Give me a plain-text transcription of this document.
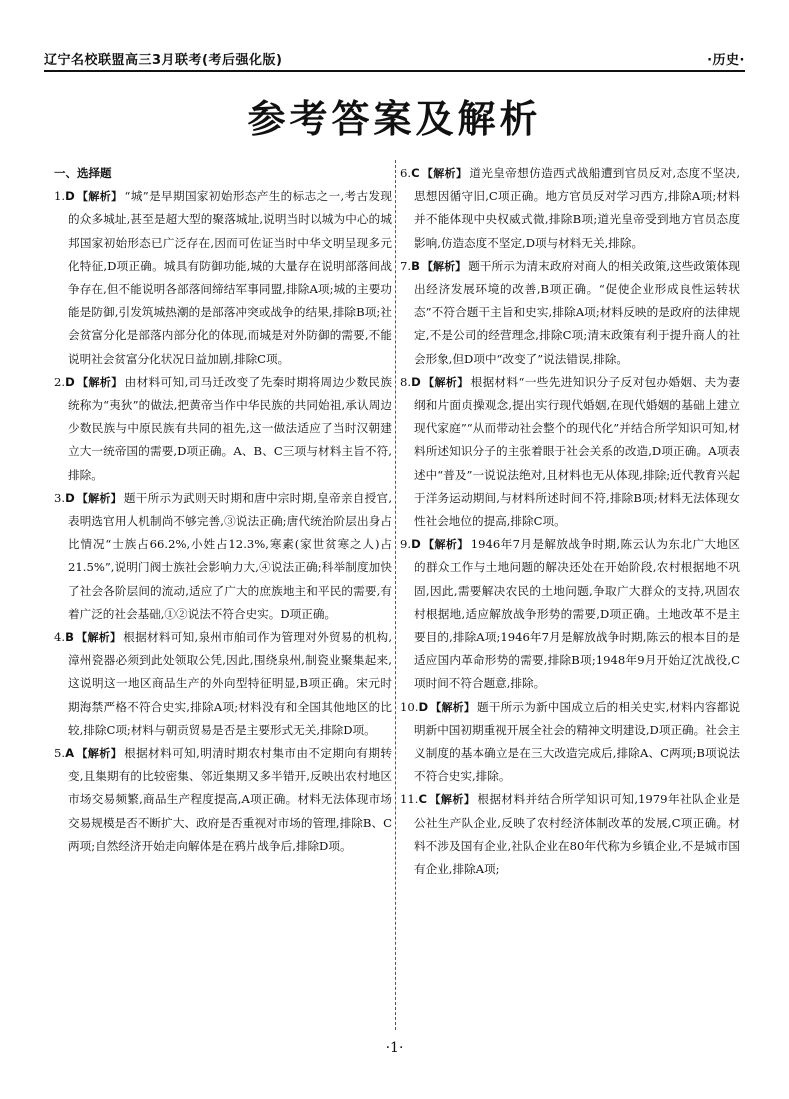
辽宁名校联盟高三3月联考(考后强化版)	·历史·
参考答案及解析
一、选择题
1.D 【解析】 “城”是早期国家初始形态产生的标志之一,考古发现的众多城址,甚至是超大型的聚落城址,说明当时以城为中心的城邦国家初始形态已广泛存在,因而可佐证当时中华文明呈现多元化特征,D项正确。城具有防御功能,城的大量存在说明部落间战争存在,但不能说明各部落间缔结军事同盟,排除A项;城的主要功能是防御,引发筑城热潮的是部落冲突或战争的结果,排除B项;社会贫富分化是部落内部分化的体现,而城是对外防御的需要,不能说明社会贫富分化状况日益加剧,排除C项。
2.D 【解析】 由材料可知,司马迁改变了先秦时期将周边少数民族统称为“夷狄”的做法,把黄帝当作中华民族的共同始祖,承认周边少数民族与中原民族有共同的祖先,这一做法适应了当时汉朝建立大一统帝国的需要,D项正确。A、B、C三项与材料主旨不符,排除。
3.D 【解析】 题干所示为武则天时期和唐中宗时期,皇帝亲自授官,表明选官用人机制尚不够完善,③说法正确;唐代统治阶层出身占比情况“士族占66.2%,小姓占12.3%,寒素(家世贫寒之人)占21.5%”,说明门阀士族社会影响力大,④说法正确;科举制度加快了社会各阶层间的流动,适应了广大的庶族地主和平民的需要,有着广泛的社会基础,①②说法不符合史实。D项正确。
4.B 【解析】 根据材料可知,泉州市舶司作为管理对外贸易的机构,漳州瓷器必须到此处领取公凭,因此,围绕泉州,制瓷业聚集起来,这说明这一地区商品生产的外向型特征明显,B项正确。宋元时期海禁严格不符合史实,排除A项;材料没有和全国其他地区的比较,排除C项;材料与朝贡贸易是否是主要形式无关,排除D项。
5.A 【解析】 根据材料可知,明清时期农村集市由不定期向有期转变,且集期有的比较密集、邻近集期又多半错开,反映出农村地区市场交易频繁,商品生产程度提高,A项正确。材料无法体现市场交易规模是否不断扩大、政府是否重视对市场的管理,排除B、C两项;自然经济开始走向解体是在鸦片战争后,排除D项。
6.C 【解析】 道光皇帝想仿造西式战船遭到官员反对,态度不坚决,思想因循守旧,C项正确。地方官员反对学习西方,排除A项;材料并不能体现中央权威式微,排除B项;道光皇帝受到地方官员态度影响,仿造态度不坚定,D项与材料无关,排除。
7.B 【解析】 题干所示为清末政府对商人的相关政策,这些政策体现出经济发展环境的改善,B项正确。“促使企业形成良性运转状态”不符合题干主旨和史实,排除A项;材料反映的是政府的法律规定,不是公司的经营理念,排除C项;清末政策有利于提升商人的社会形象,但D项中“改变了”说法错误,排除。
8.D 【解析】 根据材料“一些先进知识分子反对包办婚姻、夫为妻纲和片面贞操观念,提出实行现代婚姻,在现代婚姻的基础上建立现代家庭”“从而带动社会整个的现代化”并结合所学知识可知,材料所述知识分子的主张着眼于社会关系的改造,D项正确。A项表述中“普及”一说说法绝对,且材料也无从体现,排除;近代教育兴起于洋务运动期间,与材料所述时间不符,排除B项;材料无法体现女性社会地位的提高,排除C项。
9.D 【解析】 1946年7月是解放战争时期,陈云认为东北广大地区的群众工作与土地问题的解决还处在开始阶段,农村根据地不巩固,因此,需要解决农民的土地问题,争取广大群众的支持,巩固农村根据地,适应解放战争形势的需要,D项正确。土地改革不是主要目的,排除A项;1946年7月是解放战争时期,陈云的根本目的是适应国内革命形势的需要,排除B项;1948年9月开始辽沈战役,C项时间不符合题意,排除。
10.D 【解析】 题干所示为新中国成立后的相关史实,材料内容都说明新中国初期重视开展全社会的精神文明建设,D项正确。社会主义制度的基本确立是在三大改造完成后,排除A、C两项;B项说法不符合史实,排除。
11.C 【解析】 根据材料并结合所学知识可知,1979年社队企业是公社生产队企业,反映了农村经济体制改革的发展,C项正确。材料不涉及国有企业,社队企业在80年代称为乡镇企业,不是城市国有企业,排除A项;
·1·
